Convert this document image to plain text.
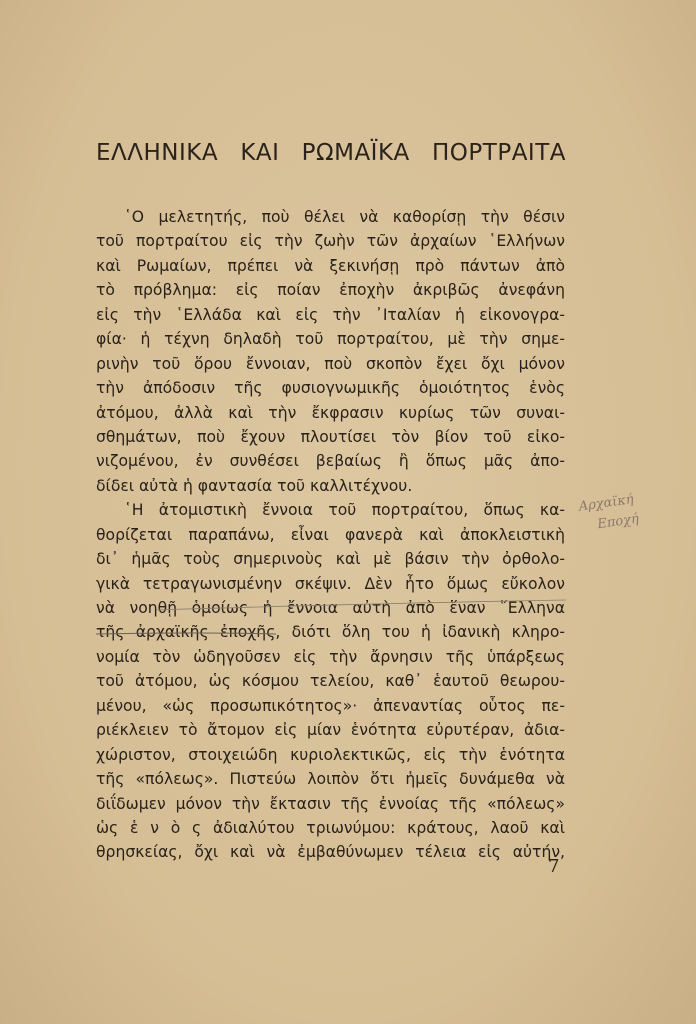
ΕΛΛΗΝΙΚΑ ΚΑΙ ΡΩΜΑΪΚΑ ΠΟΡΤΡΑΙΤΑ
῾Ο μελετητής, ποὺ θέλει νὰ καθορίσῃ τὴν θέσιν
τοῦ πορτραίτου εἰς τὴν ζωὴν τῶν ἀρχαίων ῾Ελλήνων
καὶ Ρωμαίων, πρέπει νὰ ξεκινήσῃ πρὸ πάντων ἀπὸ
τὸ πρόβλημα: εἰς ποίαν ἐποχὴν ἀκριβῶς ἀνεφάνη
εἰς τὴν ῾Ελλάδα καὶ εἰς τὴν ᾿Ιταλίαν ἡ εἰκονογρα-
φία· ἡ τέχνη δηλαδὴ τοῦ πορτραίτου, μὲ τὴν σημε-
ρινὴν τοῦ ὅρου ἔννοιαν, ποὺ σκοπὸν ἔχει ὄχι μόνον
τὴν ἀπόδοσιν τῆς φυσιογνωμικῆς ὁμοιότητος ἑνὸς
ἀτόμου, ἀλλὰ καὶ τὴν ἔκφρασιν κυρίως τῶν συναι-
σθημάτων, ποὺ ἔχουν πλουτίσει τὸν βίον τοῦ εἰκο-
νιζομένου, ἐν συνθέσει βεβαίως ἢ ὅπως μᾶς ἀπο-
δίδει αὐτὰ ἡ φαντασία τοῦ καλλιτέχνου.
῾Η ἀτομιστικὴ ἔννοια τοῦ πορτραίτου, ὅπως κα-
θορίζεται παραπάνω, εἶναι φανερὰ καὶ ἀποκλειστικὴ
δι᾿ ἡμᾶς τοὺς σημερινοὺς καὶ μὲ βάσιν τὴν ὀρθολο-
γικὰ τετραγωνισμένην σκέψιν. Δὲν ἦτο ὅμως εὔκολον
νὰ νοηθῇ ὁμοίως ἡ ἔννοια αὐτὴ ἀπὸ ἕναν ῞Ελληνα
τῆς ἀρχαϊκῆς ἐποχῆς, διότι ὅλη του ἡ ἰδανικὴ κληρο-
νομία τὸν ὡδηγοῦσεν εἰς τὴν ἄρνησιν τῆς ὑπάρξεως
τοῦ ἀτόμου, ὡς κόσμου τελείου, καθ᾿ ἑαυτοῦ θεωρου-
μένου, «ὡς προσωπικότητος»· ἀπεναντίας οὗτος πε-
ριέκλειεν τὸ ἄτομον εἰς μίαν ἑνότητα εὐρυτέραν, ἀδια-
χώριστον, στοιχειώδη κυριολεκτικῶς, εἰς τὴν ἑνότητα
τῆς «πόλεως». Πιστεύω λοιπὸν ὅτι ἡμεῖς δυνάμεθα νὰ
διΐδωμεν μόνον τὴν ἔκτασιν τῆς ἐννοίας τῆς «πόλεως»
ὡς ἑ ν ὸ ς ἀδιαλύτου τριωνύμου: κράτους, λαοῦ καὶ
θρησκείας, ὄχι καὶ νὰ ἐμβαθύνωμεν τέλεια εἰς αὐτήν,
Αρχαϊκή
Εποχή
7
